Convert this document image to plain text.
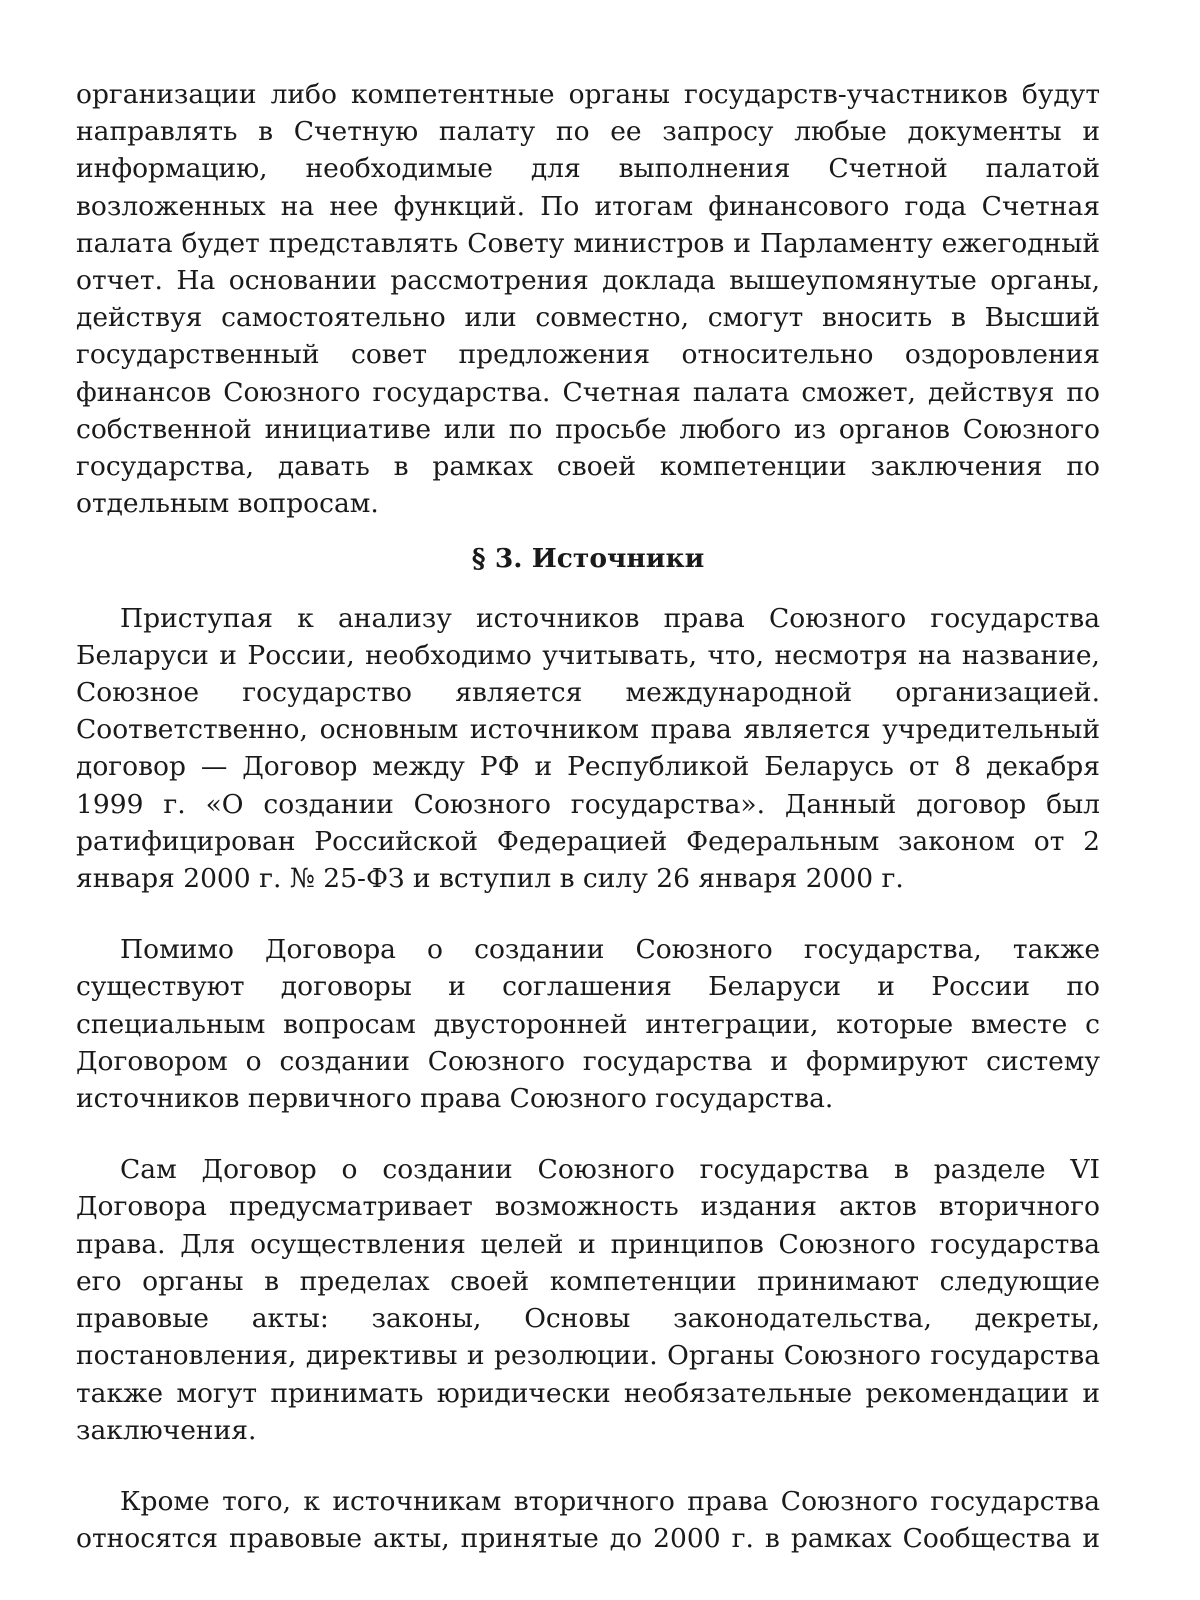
организации либо компетентные органы государств-участников будут направлять в Счетную палату по ее запросу любые документы и информацию, необходимые для выполнения Счетной палатой возложенных на нее функций. По итогам финансового года Счетная палата будет представлять Совету министров и Парламенту ежегодный отчет. На основании рассмотрения доклада вышеупомянутые органы, действуя самостоятельно или совместно, смогут вносить в Высший государственный совет предложения относительно оздоровления финансов Союзного государства. Счетная палата сможет, действуя по собственной инициативе или по просьбе любого из органов Союзного государства, давать в рамках своей компетенции заключения по отдельным вопросам.

§ 3. Источники

Приступая к анализу источников права Союзного государства Беларуси и России, необходимо учитывать, что, несмотря на название, Союзное государство является международной организацией. Соответственно, основным источником права является учредительный договор — Договор между РФ и Республикой Беларусь от 8 декабря 1999 г. «О создании Союзного государства». Данный договор был ратифицирован Российской Федерацией Федеральным законом от 2 января 2000 г. № 25-ФЗ и вступил в силу 26 января 2000 г.

Помимо Договора о создании Союзного государства, также существуют договоры и соглашения Беларуси и России по специальным вопросам двусторонней интеграции, которые вместе с Договором о создании Союзного государства и формируют систему источников первичного права Союзного государства.

Сам Договор о создании Союзного государства в разделе VI Договора предусматривает возможность издания актов вторичного права. Для осуществления целей и принципов Союзного государства его органы в пределах своей компетенции принимают следующие правовые акты: законы, Основы законодательства, декреты, постановления, директивы и резолюции. Органы Союзного государства также могут принимать юридически необязательные рекомендации и заключения.

Кроме того, к источникам вторичного права Союзного государства относятся правовые акты, принятые до 2000 г. в рамках Сообщества и
